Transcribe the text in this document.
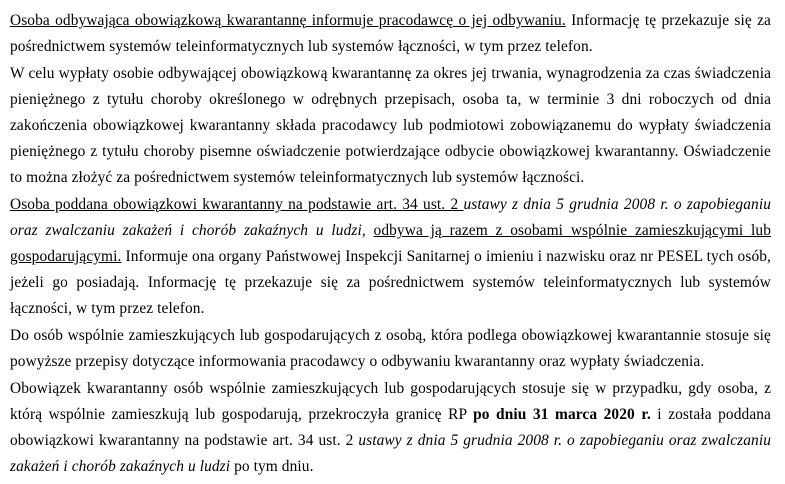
Osoba odbywająca obowiązkową kwarantannę informuje pracodawcę o jej odbywaniu. Informację tę przekazuje się za pośrednictwem systemów teleinformatycznych lub systemów łączności, w tym przez telefon.

W celu wypłaty osobie odbywającej obowiązkową kwarantannę za okres jej trwania, wynagrodzenia za czas świadczenia pieniężnego z tytułu choroby określonego w odrębnych przepisach, osoba ta, w terminie 3 dni roboczych od dnia zakończenia obowiązkowej kwarantanny składa pracodawcy lub podmiotowi zobowiązanemu do wypłaty świadczenia pieniężnego z tytułu choroby pisemne oświadczenie potwierdzające odbycie obowiązkowej kwarantanny. Oświadczenie to można złożyć za pośrednictwem systemów teleinformatycznych lub systemów łączności.

Osoba poddana obowiązkowi kwarantanny na podstawie art. 34 ust. 2 ustawy z dnia 5 grudnia 2008 r. o zapobieganiu oraz zwalczaniu zakażeń i chorób zakaźnych u ludzi, odbywa ją razem z osobami wspólnie zamieszkującymi lub gospodarującymi. Informuje ona organy Państwowej Inspekcji Sanitarnej o imieniu i nazwisku oraz nr PESEL tych osób, jeżeli go posiadają. Informację tę przekazuje się za pośrednictwem systemów teleinformatycznych lub systemów łączności, w tym przez telefon.

Do osób wspólnie zamieszkujących lub gospodarujących z osobą, która podlega obowiązkowej kwarantannie stosuje się powyższe przepisy dotyczące informowania pracodawcy o odbywaniu kwarantanny oraz wypłaty świadczenia.

Obowiązek kwarantanny osób wspólnie zamieszkujących lub gospodarujących stosuje się w przypadku, gdy osoba, z którą wspólnie zamieszkują lub gospodarują, przekroczyła granicę RP po dniu 31 marca 2020 r. i została poddana obowiązkowi kwarantanny na podstawie art. 34 ust. 2 ustawy z dnia 5 grudnia 2008 r. o zapobieganiu oraz zwalczaniu zakażeń i chorób zakaźnych u ludzi po tym dniu.
